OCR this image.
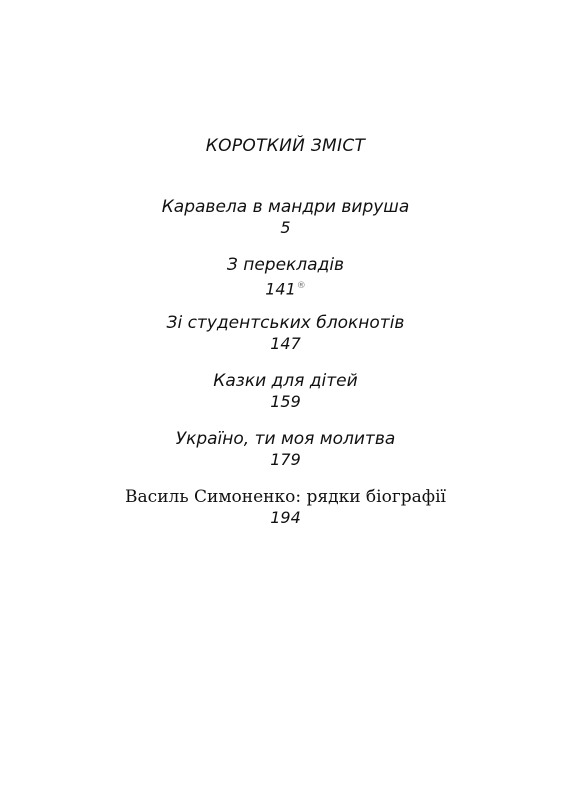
КОРОТКИЙ ЗМІСТ
Каравела в мандри вируша
5
З перекладів
141®
Зі студентських блокнотів
147
Казки для дітей
159
Україно, ти моя молитва
179
Василь Симоненко: рядки біографії
194
